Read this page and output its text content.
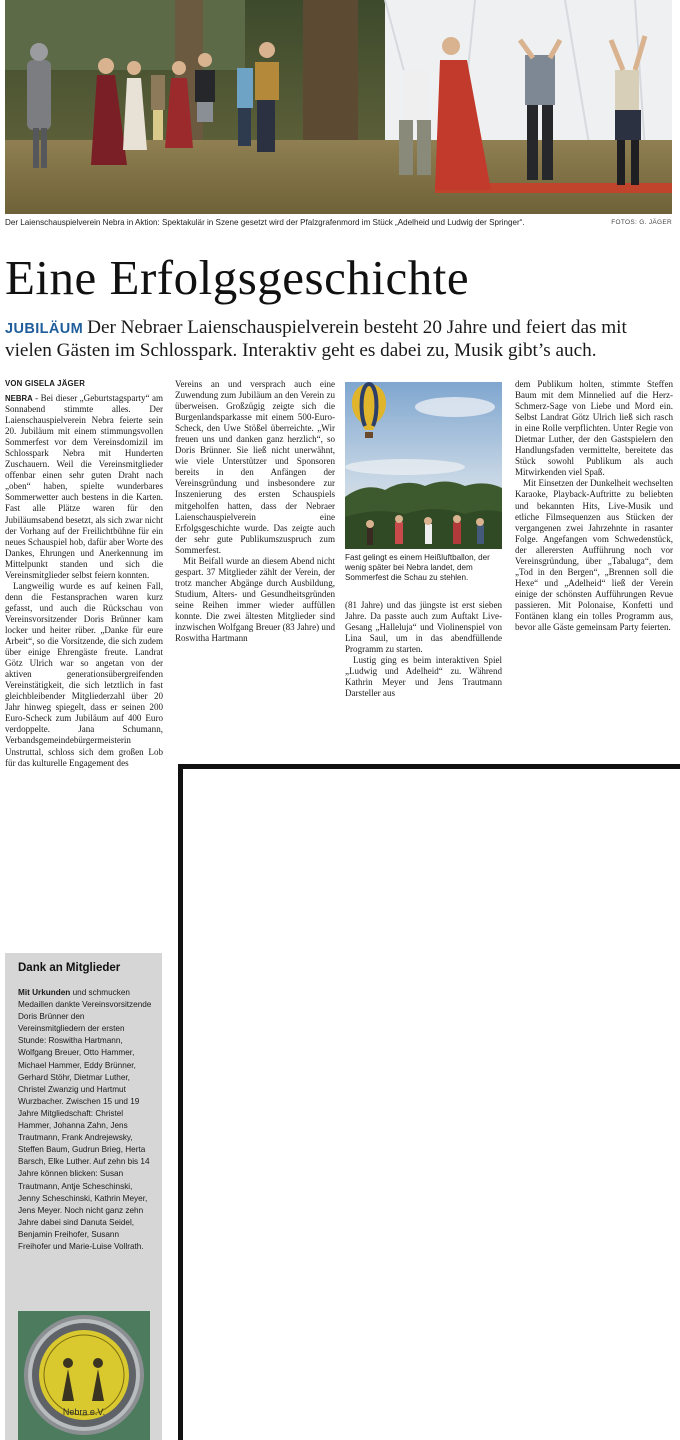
Der Laienschauspielverein Nebra in Aktion: Spektakulär in Szene gesetzt wird der Pfalzgrafenmord im Stück „Adelheid und Ludwig der Springer“.	FOTOS: G. JÄGER
Eine Erfolgsgeschichte
JUBILÄUM Der Nebraer Laienschauspielverein besteht 20 Jahre und feiert das mit vielen Gästen im Schlosspark. Interaktiv geht es dabei zu, Musik gibt’s auch.
VON GISELA JÄGER

NEBRA - Bei dieser „Geburtstagsparty“ am Sonnabend stimmte alles. Der Laienschauspielverein Nebra feierte sein 20. Jubiläum mit einem stimmungsvollen Sommerfest vor dem Vereinsdomizil im Schlosspark Nebra mit Hunderten Zuschauern. Weil die Vereinsmitglieder offenbar einen sehr guten Draht nach „oben“ haben, spielte wunderbares Sommerwetter auch bestens in die Karten. Fast alle Plätze waren für den Jubiläumsabend besetzt, als sich zwar nicht der Vorhang auf der Freilichtbühne für ein neues Schauspiel hob, dafür aber Worte des Dankes, Ehrungen und Anerkennung im Mittelpunkt standen und sich die Vereinsmitglieder selbst feiern konnten.

Langweilig wurde es auf keinen Fall, denn die Festansprachen waren kurz gefasst, und auch die Rückschau von Vereinsvorsitzender Doris Brünner kam locker und heiter rüber. „Danke für eure Arbeit“, so die Vorsitzende, die sich zudem über einige Ehrengäste freute. Landrat Götz Ulrich war so angetan von der aktiven generationsübergreifenden Vereinstätigkeit, die sich letztlich in fast gleichbleibender Mitgliederzahl über 20 Jahr hinweg spiegelt, dass er seinen 200 Euro-Scheck zum Jubiläum auf 400 Euro verdoppelte. Jana Schumann, Verbandsgemeindebürgermeisterin Unstruttal, schloss sich dem großen Lob für das kulturelle Engagement des

Vereins an und versprach auch eine Zuwendung zum Jubiläum an den Verein zu überweisen. Großzügig zeigte sich die Burgenlandsparkasse mit einem 500-Euro-Scheck, den Uwe Stößel überreichte. „Wir freuen uns und danken ganz herzlich“, so Doris Brünner. Sie ließ nicht unerwähnt, wie viele Unterstützer und Sponsoren bereits in den Anfängen der Vereinsgründung und insbesondere zur Inszenierung des ersten Schauspiels mitgeholfen hatten, dass der Nebraer Laienschauspielverein eine Erfolgsgeschichte wurde. Das zeigte auch der sehr gute Publikumszuspruch zum Sommerfest.

Mit Beifall wurde an diesem Abend nicht gespart. 37 Mitglieder zählt der Verein, der trotz mancher Abgänge durch Ausbildung, Studium, Alters- und Gesundheitsgründen seine Reihen immer wieder auffüllen konnte. Die zwei ältesten Mitglieder sind inzwischen Wolfgang Breuer (83 Jahre) und Roswitha Hartmann

Fast gelingt es einem Heißluftballon, der wenig später bei Nebra landet, dem Sommerfest die Schau zu stehlen.

(81 Jahre) und das jüngste ist erst sieben Jahre. Da passte auch zum Auftakt Live-Gesang „Halleluja“ und Violinenspiel von Lina Saul, um in das abendfüllende Programm zu starten.

Lustig ging es beim interaktiven Spiel „Ludwig und Adelheid“ zu. Während Kathrin Meyer und Jens Trautmann Darsteller aus

dem Publikum holten, stimmte Steffen Baum mit dem Minnelied auf die Herz-Schmerz-Sage von Liebe und Mord ein. Selbst Landrat Götz Ulrich ließ sich rasch in eine Rolle verpflichten. Unter Regie von Dietmar Luther, der den Gastspielern den Handlungsfaden vermittelte, bereitete das Stück sowohl Publikum als auch Mitwirkenden viel Spaß.

Mit Einsetzen der Dunkelheit wechselten Karaoke, Playback-Auftritte zu beliebten und bekannten Hits, Live-Musik und etliche Filmsequenzen aus Stücken der vergangenen zwei Jahrzehnte in rasanter Folge. Angefangen vom Schwedenstück, der allerersten Aufführung noch vor Vereinsgründung, über „Tabaluga“, dem „Tod in den Bergen“, „Brennen soll die Hexe“ und „Adelheid“ ließ der Verein einige der schönsten Aufführungen Revue passieren. Mit Polonaise, Konfetti und Fontänen klang ein tolles Programm aus, bevor alle Gäste gemeinsam Party feierten.

Dank an Mitglieder
Mit Urkunden und schmucken Medaillen dankte Vereinsvorsitzende Doris Brünner den Vereinsmitgliedern der ersten Stunde: Roswitha Hartmann, Wolfgang Breuer, Otto Hammer, Michael Hammer, Eddy Brünner, Gerhard Stöhr, Dietmar Luther, Christel Zwanzig und Hartmut Wurzbacher. Zwischen 15 und 19 Jahre Mitgliedschaft: Christel Hammer, Johanna Zahn, Jens Trautmann, Frank Andrejewsky, Steffen Baum, Gudrun Brieg, Herta Barsch, Elke Luther. Auf zehn bis 14 Jahre können blicken: Susan Trautmann, Antje Scheschinski, Jenny Scheschinski, Kathrin Meyer, Jens Meyer. Noch nicht ganz zehn Jahre dabei sind Danuta Seidel, Benjamin Freihofer, Susann Freihofer und Marie-Luise Vollrath.
Nebra e.V.
